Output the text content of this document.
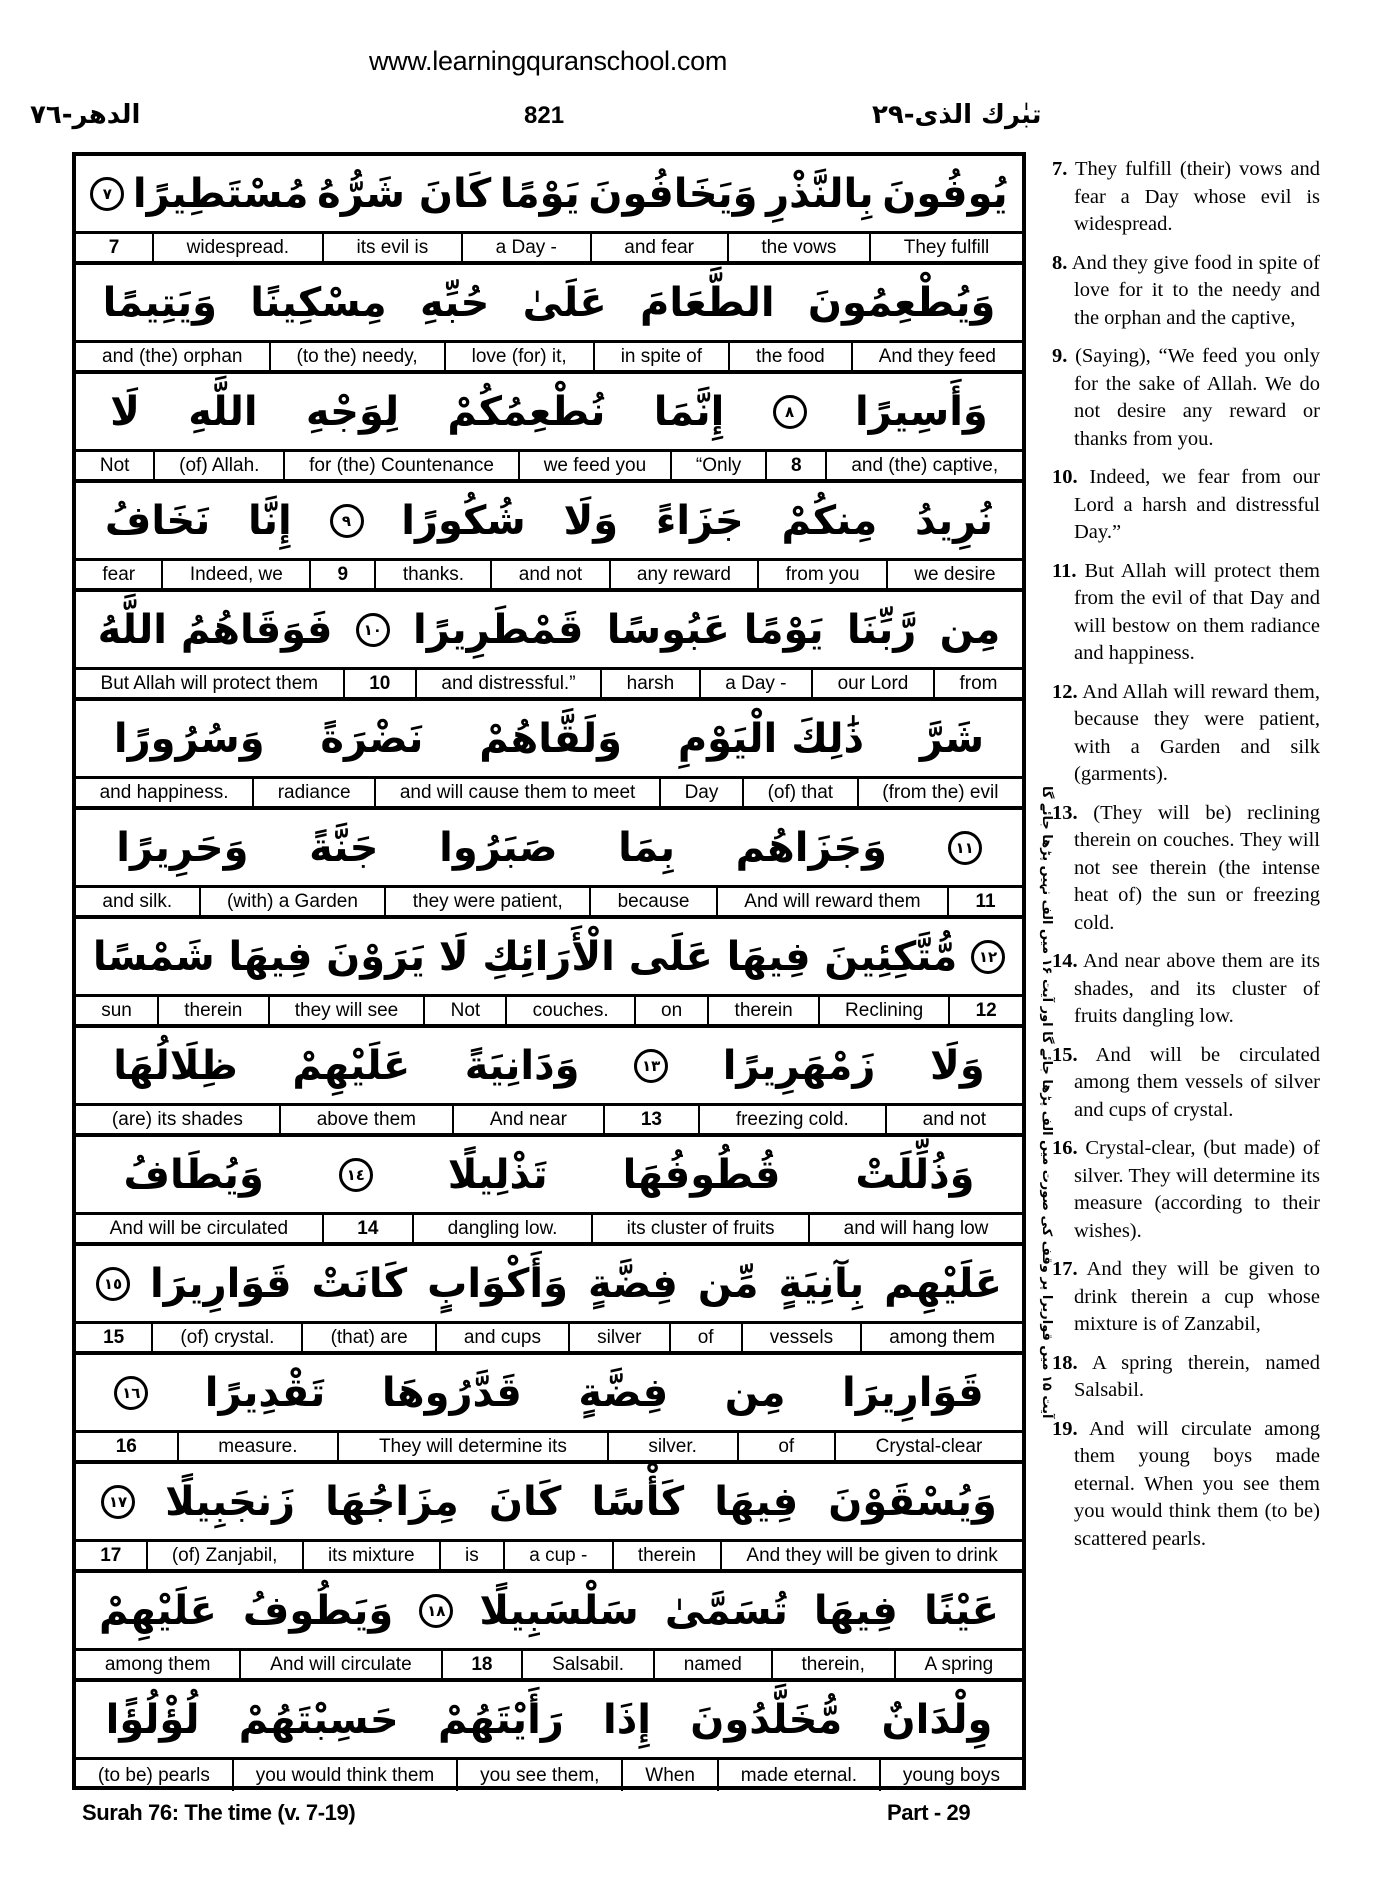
www.learningquranschool.com
الدھر-٧٦	821	تبٰرك الذى-٢٩
يُوفُونَ
بِالنَّذْرِ
وَيَخَافُونَ
يَوْمًا
كَانَ شَرُّهُ
مُسْتَطِيرًا
٧
7	widespread.	its evil is	a Day -	and fear	the vows	They fulfill
وَيُطْعِمُونَ
الطَّعَامَ
عَلَىٰ
حُبِّهِ
مِسْكِينًا
وَيَتِيمًا
and (the) orphan	(to the) needy,	love (for) it,	in spite of	the food	And they feed
وَأَسِيرًا
٨
إِنَّمَا
نُطْعِمُكُمْ
لِوَجْهِ
اللَّهِ
لَا
Not	(of) Allah.	for (the) Countenance	we feed you	“Only	8	and (the) captive,
نُرِيدُ
مِنكُمْ
جَزَاءً
وَلَا
شُكُورًا
٩
إِنَّا
نَخَافُ
fear	Indeed, we	9	thanks.	and not	any reward	from you	we desire
مِن
رَّبِّنَا
يَوْمًا عَبُوسًا
قَمْطَرِيرًا
١٠
فَوَقَاهُمُ اللَّهُ
But Allah will protect them	10	and distressful.”	harsh	a Day -	our Lord	from
شَرَّ
ذَٰلِكَ الْيَوْمِ
وَلَقَّاهُمْ
نَضْرَةً
وَسُرُورًا
and happiness.	radiance	and will cause them to meet	Day	(of) that	(from the) evil
١١
وَجَزَاهُم
بِمَا
صَبَرُوا
جَنَّةً
وَحَرِيرًا
and silk.	(with) a Garden	they were patient,	because	And will reward them	11
١٢
مُّتَّكِئِينَ
فِيهَا
عَلَى الْأَرَائِكِ
لَا
يَرَوْنَ
فِيهَا
شَمْسًا
sun	therein	they will see	Not	couches.	on	therein	Reclining	12
وَلَا
زَمْهَرِيرًا
١٣
وَدَانِيَةً
عَلَيْهِمْ
ظِلَالُهَا
(are) its shades	above them	And near	13	freezing cold.	and not
وَذُلِّلَتْ
قُطُوفُهَا
تَذْلِيلًا
١٤
وَيُطَافُ
And will be circulated	14	dangling low.	its cluster of fruits	and will hang low
عَلَيْهِم
بِآنِيَةٍ
مِّن
فِضَّةٍ
وَأَكْوَابٍ
كَانَتْ
قَوَارِيرَا
١٥
15	(of) crystal.	(that) are	and cups	silver	of	vessels	among them
قَوَارِيرَا
مِن
فِضَّةٍ
قَدَّرُوهَا
تَقْدِيرًا
١٦
16	measure.	They will determine its	silver.	of	Crystal-clear
وَيُسْقَوْنَ
فِيهَا
كَأْسًا
كَانَ
مِزَاجُهَا
زَنجَبِيلًا
١٧
17	(of) Zanjabil,	its mixture	is	a cup -	therein	And they will be given to drink
عَيْنًا
فِيهَا
تُسَمَّىٰ
سَلْسَبِيلًا
١٨
وَيَطُوفُ
عَلَيْهِمْ
among them	And will circulate	18	Salsabil.	named	therein,	A spring
وِلْدَانٌ
مُّخَلَّدُونَ
إِذَا
رَأَيْتَهُمْ
حَسِبْتَهُمْ
لُؤْلُؤًا
(to be) pearls	you would think them	you see them,	When	made eternal.	young boys
آیت ۱۵ میں قواریرا پر وقف کی صورت میں الف پڑھا جائے گا اور آیت ۱۶ میں الف نہیں پڑھا جائے گا

7. They fulfill (their) vows and fear a Day whose evil is widespread.

8. And they give food in spite of love for it to the needy and the orphan and the captive,

9. (Saying), “We feed you only for the sake of Allah. We do not desire any reward or thanks from you.

10. Indeed, we fear from our Lord a harsh and distressful Day.”

11. But Allah will protect them from the evil of that Day and will bestow on them radiance and happiness.

12. And Allah will reward them, because they were patient, with a Garden and silk (garments).

13. (They will be) reclining therein on couches. They will not see therein (the intense heat of) the sun or freezing cold.

14. And near above them are its shades, and its cluster of fruits dangling low.

15. And will be circulated among them vessels of silver and cups of crystal.

16. Crystal-clear, (but made) of silver. They will determine its measure (according to their wishes).

17. And they will be given to drink therein a cup whose mixture is of Zanzabil,

18. A spring therein, named Salsabil.

19. And will circulate among them young boys made eternal. When you see them you would think them (to be) scattered pearls.

Surah 76: The time (v. 7-19)	Part - 29
